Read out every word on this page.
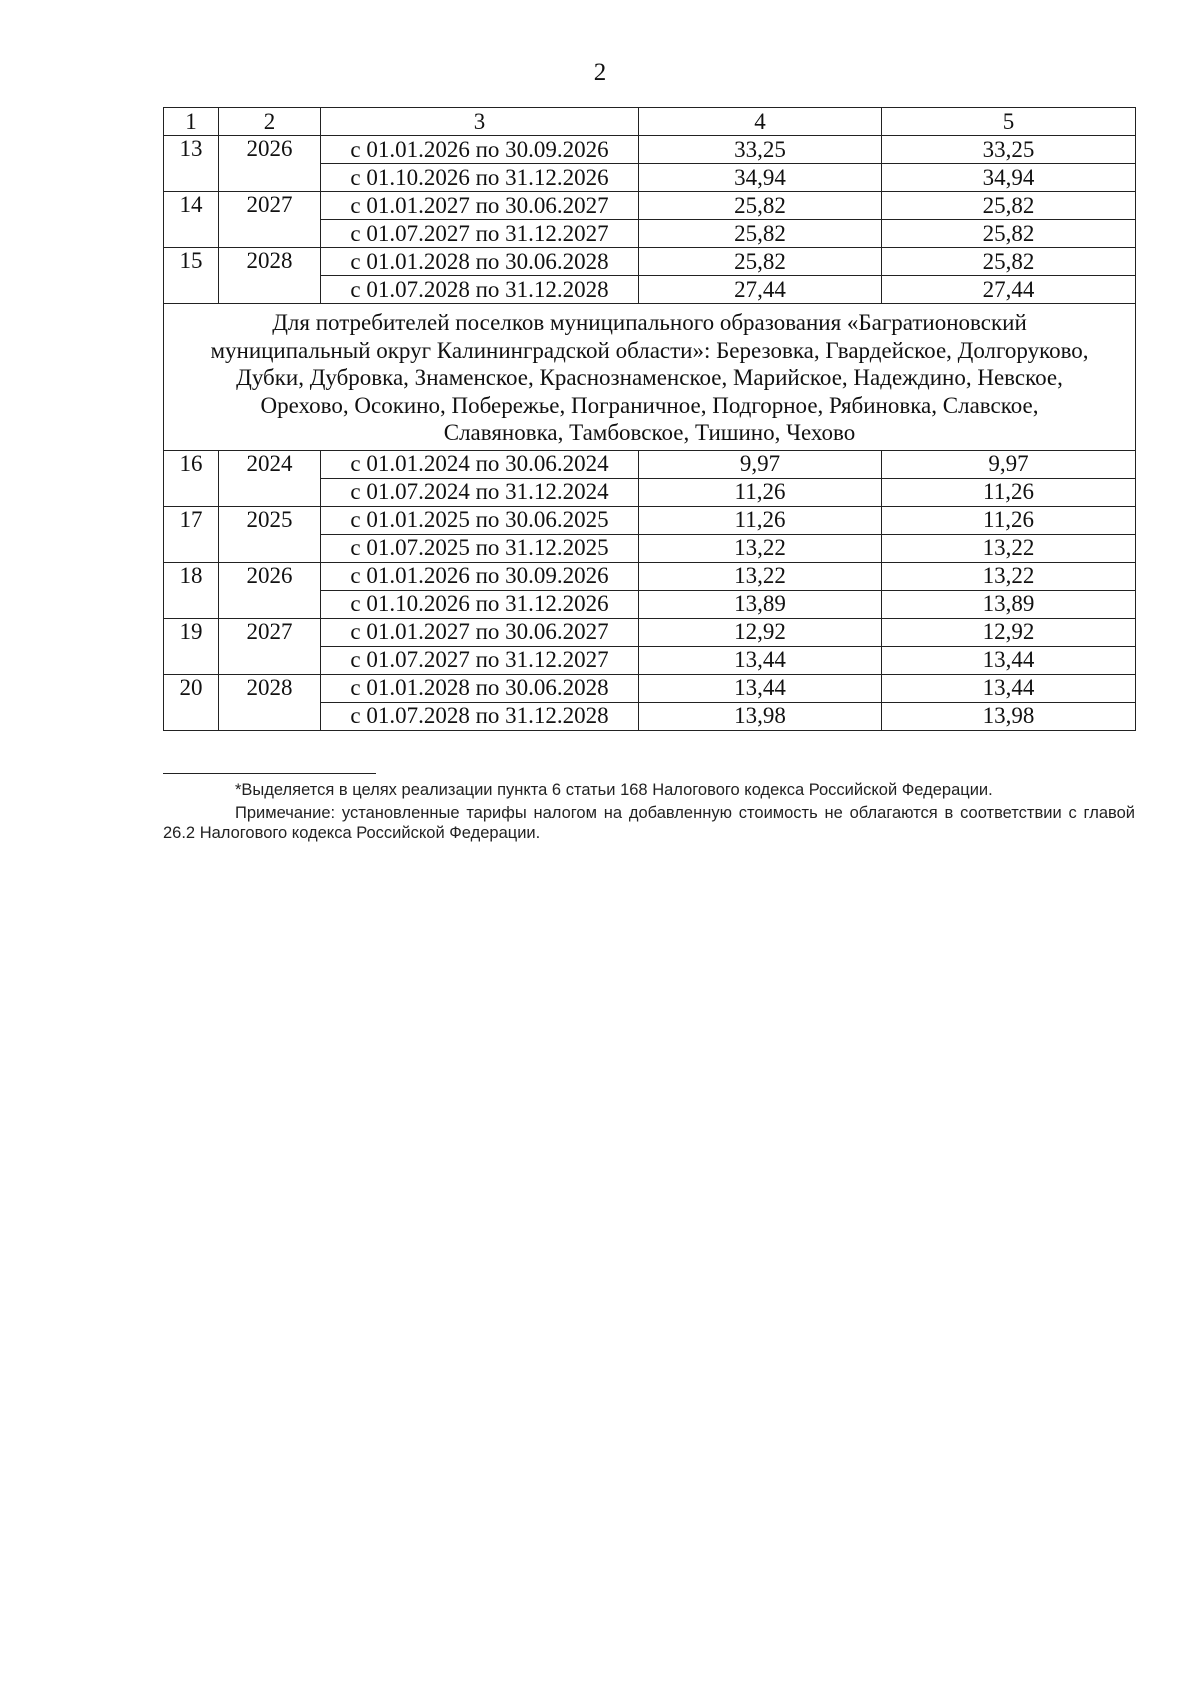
2
1	2	3	4	5
13	2026	с 01.01.2026 по 30.09.2026	33,25	33,25
		с 01.10.2026 по 31.12.2026	34,94	34,94
14	2027	с 01.01.2027 по 30.06.2027	25,82	25,82
		с 01.07.2027 по 31.12.2027	25,82	25,82
15	2028	с 01.01.2028 по 30.06.2028	25,82	25,82
		с 01.07.2028 по 31.12.2028	27,44	27,44
Для потребителей поселков муниципального образования «Багратионовский муниципальный округ Калининградской области»: Березовка, Гвардейское, Долгоруково, Дубки, Дубровка, Знаменское, Краснознаменское, Марийское, Надеждино, Невское, Орехово, Осокино, Побережье, Пограничное, Подгорное, Рябиновка, Славское, Славяновка, Тамбовское, Тишино, Чехово				
16	2024	с 01.01.2024 по 30.06.2024	9,97	9,97
		с 01.07.2024 по 31.12.2024	11,26	11,26
17	2025	с 01.01.2025 по 30.06.2025	11,26	11,26
		с 01.07.2025 по 31.12.2025	13,22	13,22
18	2026	с 01.01.2026 по 30.09.2026	13,22	13,22
		с 01.10.2026 по 31.12.2026	13,89	13,89
19	2027	с 01.01.2027 по 30.06.2027	12,92	12,92
		с 01.07.2027 по 31.12.2027	13,44	13,44
20	2028	с 01.01.2028 по 30.06.2028	13,44	13,44
		с 01.07.2028 по 31.12.2028	13,98	13,98

*Выделяется в целях реализации пункта 6 статьи 168 Налогового кодекса Российской Федерации.

Примечание: установленные тарифы налогом на добавленную стоимость не облагаются в соответствии с главой 26.2 Налогового кодекса Российской Федерации.
